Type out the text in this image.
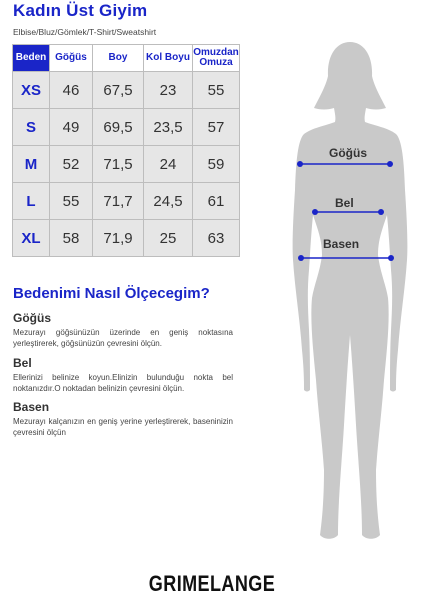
Kadın Üst Giyim
Elbise/Bluz/Gömlek/T-Shirt/Sweatshirt
Beden	Göğüs	Boy	Kol Boyu	Omuzdan Omuza
XS	46	67,5	23	55
S	49	69,5	23,5	57
M	52	71,5	24	59
L	55	71,7	24,5	61
XL	58	71,9	25	63
Bedenimi Nasıl Ölçecegim?
Göğüs
Mezurayı göğsünüzün üzerinde en geniş noktasına yerleştirerek, göğsünüzün çevresini ölçün.
Bel
Ellerinizi belinize koyun.Elinizin bulunduğu nokta bel noktanızdır.O noktadan belinizin çevresini ölçün.
Basen
Mezurayı kalçanızın en geniş yerine yerleştirerek, baseninizin çevresini ölçün
Göğüs
Bel
Basen
GRIMELANGE
